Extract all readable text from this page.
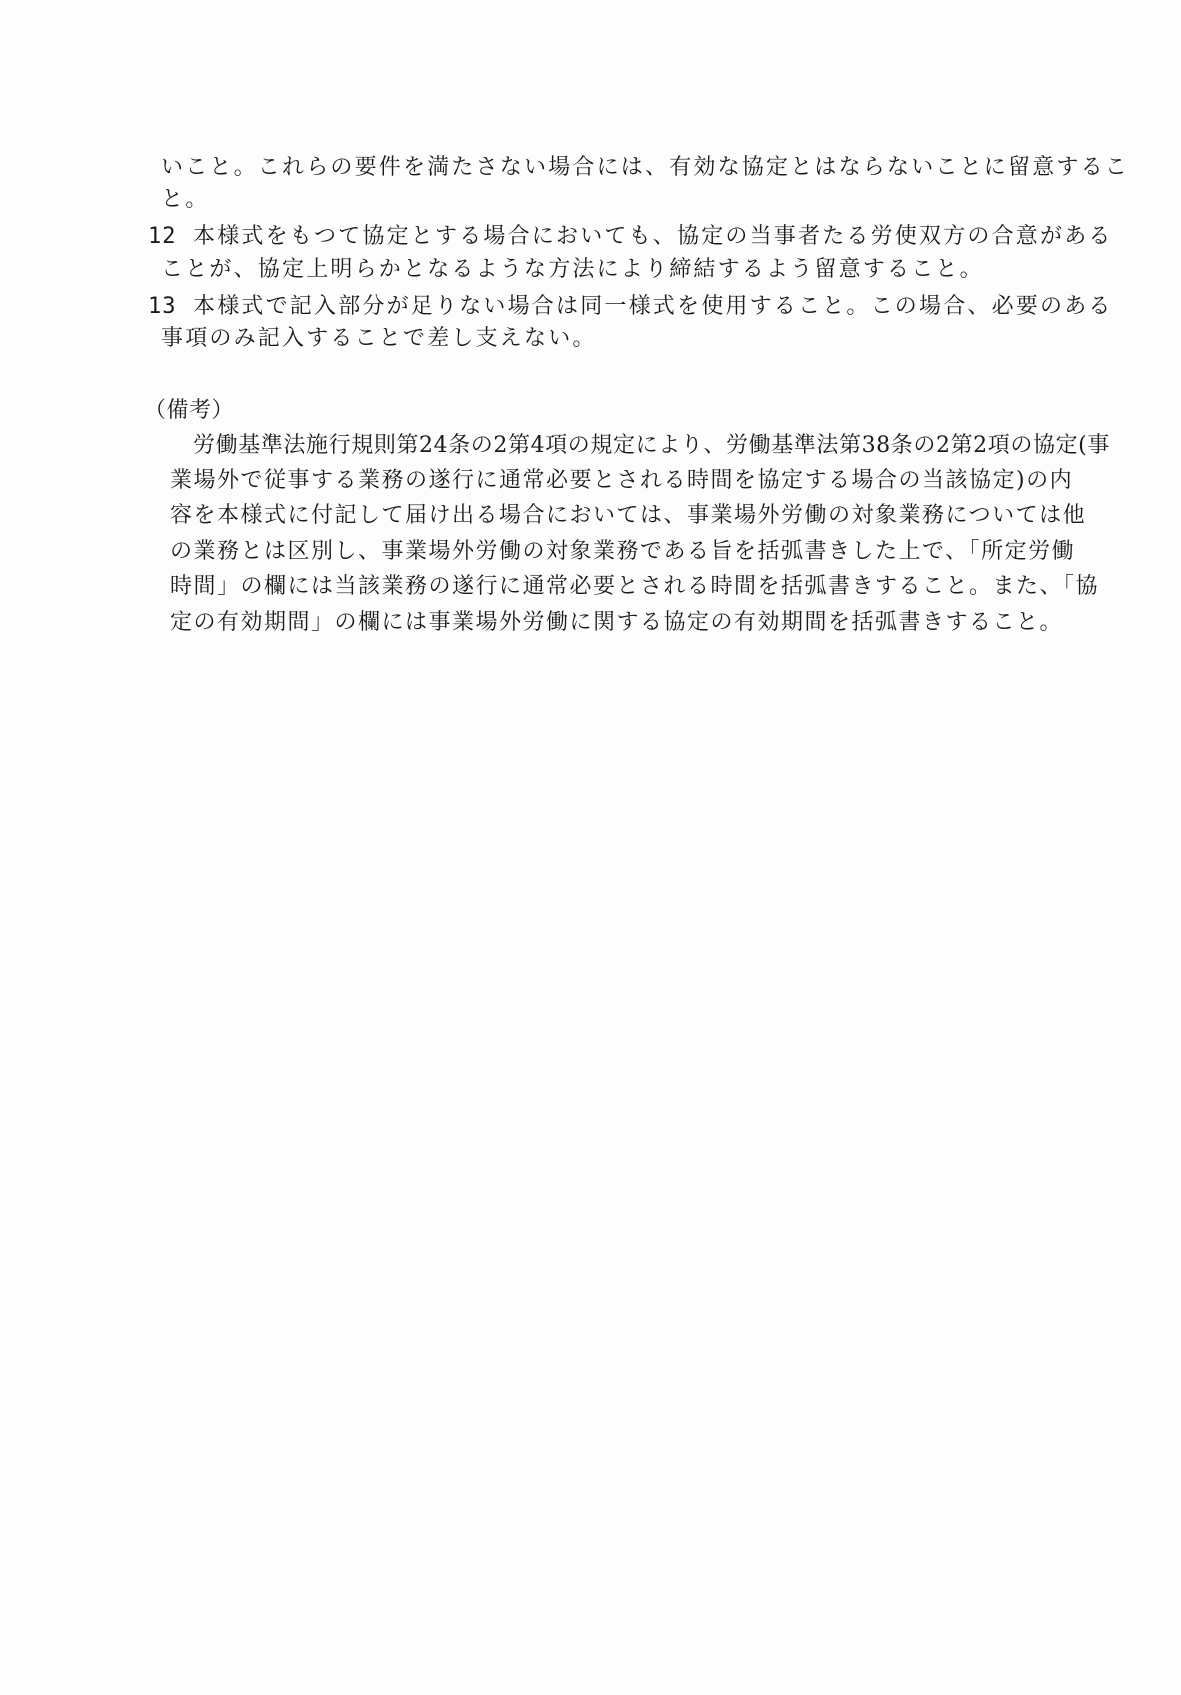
いこと。これらの要件を満たさない場合には、有効な協定とはならないことに留意するこ
と。
12 本様式をもつて協定とする場合においても、協定の当事者たる労使双方の合意がある
ことが、協定上明らかとなるような方法により締結するよう留意すること。
13 本様式で記入部分が足りない場合は同一様式を使用すること。この場合、必要のある
事項のみ記入することで差し支えない。
（備考）
労働基準法施行規則第24条の2第4項の規定により、労働基準法第38条の2第2項の協定(事
業場外で従事する業務の遂行に通常必要とされる時間を協定する場合の当該協定)の内
容を本様式に付記して届け出る場合においては、事業場外労働の対象業務については他
の業務とは区別し、事業場外労働の対象業務である旨を括弧書きした上で、「所定労働
時間」の欄には当該業務の遂行に通常必要とされる時間を括弧書きすること。また、「協
定の有効期間」の欄には事業場外労働に関する協定の有効期間を括弧書きすること。
